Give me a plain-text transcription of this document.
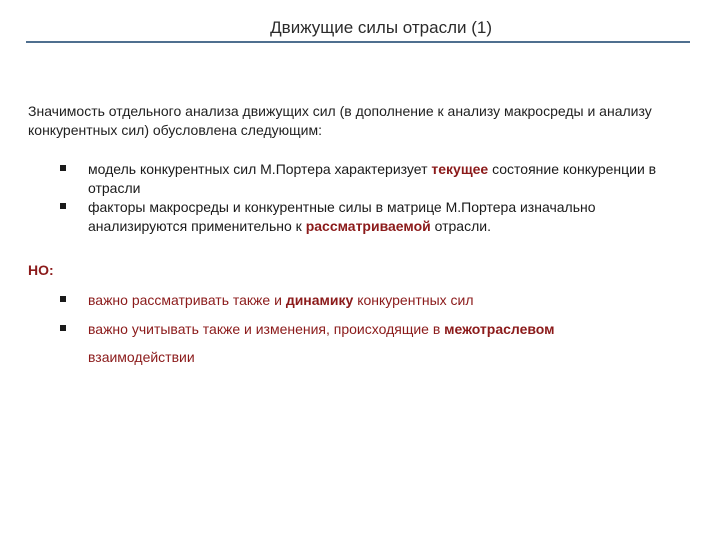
Движущие силы отрасли (1)
Значимость отдельного анализа движущих сил (в дополнение к анализу макросреды и анализу конкурентных сил) обусловлена следующим:
модель конкурентных сил М.Портера характеризует текущее состояние конкуренции в отрасли
факторы макросреды и конкурентные силы в матрице М.Портера изначально анализируются применительно к рассматриваемой отрасли.
НО:
важно рассматривать также и динамику конкурентных сил
важно учитывать также и изменения, происходящие в межотраслевом
взаимодействии
